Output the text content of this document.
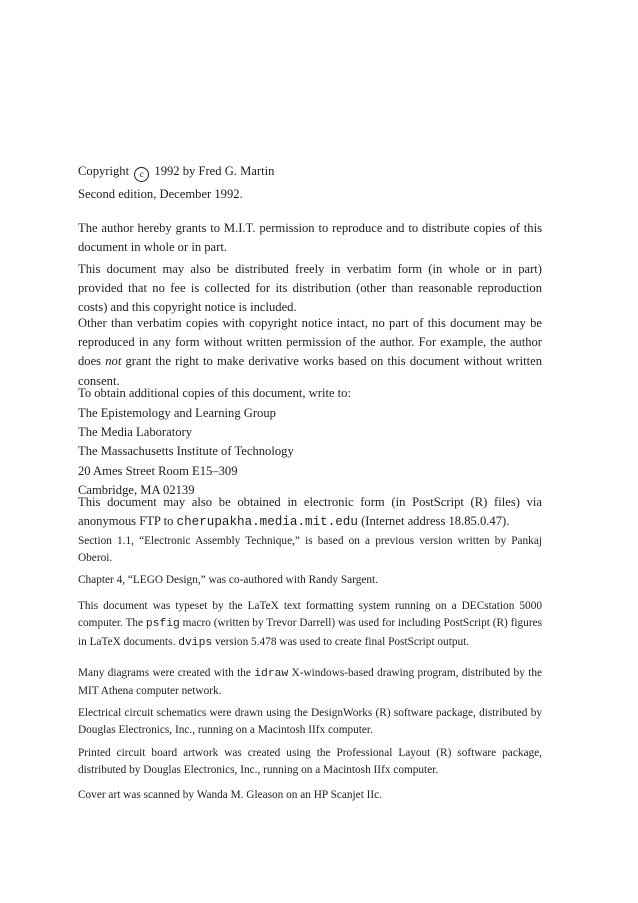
Copyright c 1992 by Fred G. Martin

Second edition, December 1992.

The author hereby grants to M.I.T. permission to reproduce and to distribute copies of this document in whole or in part.

This document may also be distributed freely in verbatim form (in whole or in part) provided that no fee is collected for its distribution (other than reasonable reproduction costs) and this copyright notice is included.

Other than verbatim copies with copyright notice intact, no part of this document may be reproduced in any form without written permission of the author. For example, the author does not grant the right to make derivative works based on this document without written consent.

To obtain additional copies of this document, write to:

The Epistemology and Learning Group
The Media Laboratory
The Massachusetts Institute of Technology
20 Ames Street Room E15–309
Cambridge, MA 02139

This document may also be obtained in electronic form (in PostScript (R) files) via anonymous FTP to cherupakha.media.mit.edu (Internet address 18.85.0.47).

Section 1.1, “Electronic Assembly Technique,” is based on a previous version written by Pankaj Oberoi.

Chapter 4, “LEGO Design,” was co-authored with Randy Sargent.

This document was typeset by the LaTeX text formatting system running on a DECstation 5000 computer. The psfig macro (written by Trevor Darrell) was used for including PostScript (R) figures in LaTeX documents. dvips version 5.478 was used to create final PostScript output.

Many diagrams were created with the idraw X-windows-based drawing program, distributed by the MIT Athena computer network.

Electrical circuit schematics were drawn using the DesignWorks (R) software package, distributed by Douglas Electronics, Inc., running on a Macintosh IIfx computer.

Printed circuit board artwork was created using the Professional Layout (R) software package, distributed by Douglas Electronics, Inc., running on a Macintosh IIfx computer.

Cover art was scanned by Wanda M. Gleason on an HP Scanjet IIc.
